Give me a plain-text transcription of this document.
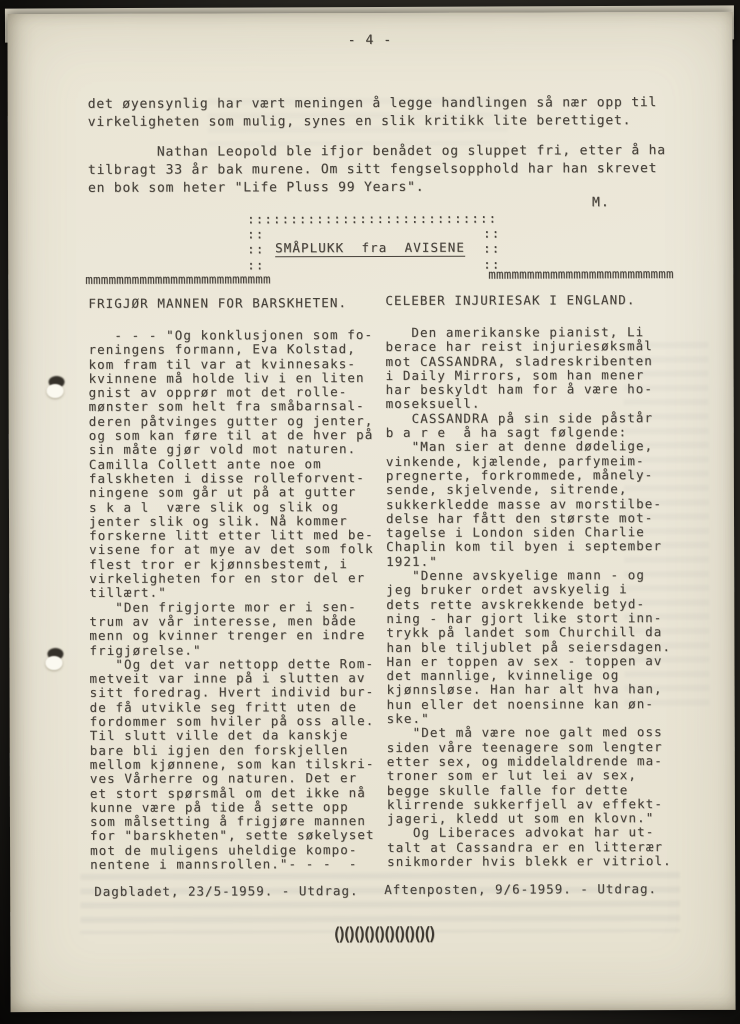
- 4 -
det øyensynlig har vært meningen å legge handlingen så nær opp til
virkeligheten som mulig, synes en slik kritikk lite berettiget.
Nathan Leopold ble ifjor benådet og sluppet fri, etter å ha
tilbragt 33 år bak murene. Om sitt fengselsopphold har han skrevet
en bok som heter "Life Pluss 99 Years".
M.
:::::::::::::::::::::::::::::
::	::
:: SMÅPLUKK  fra  AVISENE ::
::	::
mmmmmmmmmmmmmmmmmmmmmmmm	mmmmmmmmmmmmmmmmmmmmmmmm
FRIGJØR MANNEN FOR BARSKHETEN.
- - - "Og konklusjonen som fo-
reningens formann, Eva Kolstad,
kom fram til var at kvinnesaks-
kvinnene må holde liv i en liten
gnist av opprør mot det rolle-
mønster som helt fra småbarnsal-
deren påtvinges gutter og jenter,
og som kan føre til at de hver på
sin måte gjør vold mot naturen.
Camilla Collett ante noe om
falskheten i disse rolleforvent-
ningene som går ut på at gutter
s k a l  være slik og slik og
jenter slik og slik. Nå kommer
forskerne litt etter litt med be-
visene for at mye av det som folk
flest tror er kjønnsbestemt, i
virkeligheten for en stor del er
tillært."
"Den frigjorte mor er i sen-
trum av vår interesse, men både
menn og kvinner trenger en indre
frigjørelse."
"Og det var nettopp dette Rom-
metveit var inne på i slutten av
sitt foredrag. Hvert individ bur-
de få utvikle seg fritt uten de
fordommer som hviler på oss alle.
Til slutt ville det da kanskje
bare bli igjen den forskjellen
mellom kjønnene, som kan tilskri-
ves Vårherre og naturen. Det er
et stort spørsmål om det ikke nå
kunne være på tide å sette opp
som målsetting å frigjøre mannen
for "barskheten", sette søkelyset
mot de muligens uheldige kompo-
nentene i mannsrollen."- - -  -
Dagbladet, 23/5-1959. - Utdrag.
CELEBER INJURIESAK I ENGLAND.
Den amerikanske pianist, Li
berace har reist injuriesøksmål
mot CASSANDRA, sladreskribenten
i Daily Mirrors, som han mener
har beskyldt ham for å være ho-
moseksuell.
CASSANDRA på sin side påstår
b a r e  å ha sagt følgende:
"Man sier at denne dødelige,
vinkende, kjælende, parfymeim-
pregnerte, forkrommede, månely-
sende, skjelvende, sitrende,
sukkerkledde masse av morstilbe-
delse har fått den største mot-
tagelse i London siden Charlie
Chaplin kom til byen i september
1921."
"Denne avskyelige mann - og
jeg bruker ordet avskyelig i
dets rette avskrekkende betyd-
ning - har gjort like stort inn-
trykk på landet som Churchill da
han ble tiljublet på seiersdagen.
Han er toppen av sex - toppen av
det mannlige, kvinnelige og
kjønnsløse. Han har alt hva han,
hun eller det noensinne kan øn-
ske."
"Det må være noe galt med oss
siden våre teenagere som lengter
etter sex, og middelaldrende ma-
troner som er lut lei av sex,
begge skulle falle for dette
klirrende sukkerfjell av effekt-
jageri, kledd ut som en klovn."
Og Liberaces advokat har ut-
talt at Cassandra er en litterær
snikmorder hvis blekk er vitriol.
Aftenposten, 9/6-1959. - Utdrag.
()()()()()()()()()()
